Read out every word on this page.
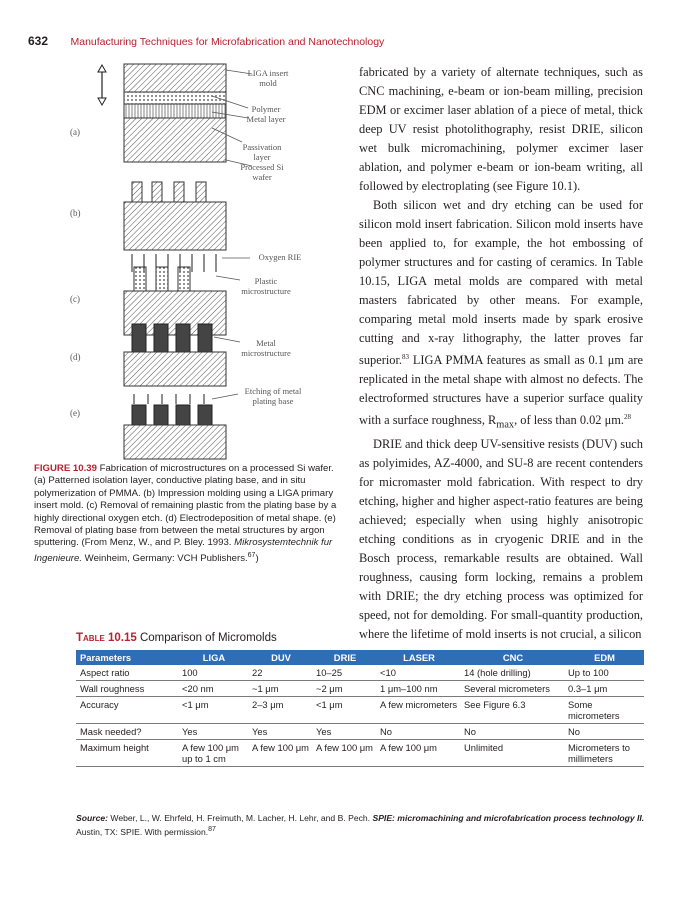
632 Manufacturing Techniques for Microfabrication and Nanotechnology
(a)
(b)
(c)
(d)
(e)
LIGA insert
mold
Polymer
Metal layer
Passivation
layer
Processed Si
wafer
Oxygen RIE
Plastic
microstructure
Metal
microstructure
Etching of metal
plating base
FIGURE 10.39 Fabrication of microstructures on a processed Si wafer. (a) Patterned isolation layer, conductive plating base, and in situ polymerization of PMMA. (b) Impression molding using a LIGA primary insert mold. (c) Removal of remaining plastic from the plating base by a highly directional oxygen etch. (d) Electrodeposition of metal shape. (e) Removal of plating base from between the metal structures by argon sputtering. (From Menz, W., and P. Bley. 1993. Mikrosystemtechnik fur Ingenieure. Weinheim, Germany: VCH Publishers.$^{67}$)

fabricated by a variety of alternate techniques, such as CNC machining, e-beam or ion-beam milling, precision EDM or excimer laser ablation of a piece of metal, thick deep UV resist photolithography, resist DRIE, silicon wet bulk micromachining, polymer excimer laser ablation, and polymer e-beam or ion-beam writing, all followed by electroplating (see Figure 10.1).

Both silicon wet and dry etching can be used for silicon mold insert fabrication. Silicon mold inserts have been applied to, for example, the hot embossing of polymer structures and for casting of ceramics. In Table 10.15, LIGA metal molds are compared with metal masters fabricated by other means. For example, comparing metal mold inserts made by spark erosive cutting and x-ray lithography, the latter proves far superior.$^{83}$ LIGA PMMA features as small as 0.1 μm are replicated in the metal shape with almost no defects. The electroformed structures have a superior surface quality with a surface roughness, $R_{max}$, of less than 0.02 μm.$^{28}$

DRIE and thick deep UV-sensitive resists (DUV) such as polyimides, AZ-4000, and SU-8 are recent contenders for micromaster mold fabrication. With respect to dry etching, higher and higher aspect-ratio features are being achieved; especially when using highly anisotropic etching conditions as in cryogenic DRIE and in the Bosch process, remarkable results are obtained. Wall roughness, causing form locking, remains a problem with DRIE; the dry etching process was optimized for speed, not for demolding. For small-quantity production, where the lifetime of mold inserts is not crucial, a silicon

Table 10.15 Comparison of Micromolds
Parameters	LIGA	DUV	DRIE	LASER	CNC	EDM
Aspect ratio	100	22	10–25	<10	14 (hole drilling)	Up to 100
Wall roughness	<20 nm	~1 μm	~2 μm	1 μm–100 nm	Several micrometers	0.3–1 μm
Accuracy	<1 μm	2–3 μm	<1 μm	A few micrometers	See Figure 6.3	Some micrometers
Mask needed?	Yes	Yes	Yes	No	No	No
Maximum height	A few 100 μm up to 1 cm	A few 100 μm	A few 100 μm	A few 100 μm	Unlimited	Micrometers to millimeters
Source: Weber, L., W. Ehrfeld, H. Freimuth, M. Lacher, H. Lehr, and B. Pech. SPIE: micromachining and microfabrication process technology II. Austin, TX: SPIE. With permission.$^{87}$
